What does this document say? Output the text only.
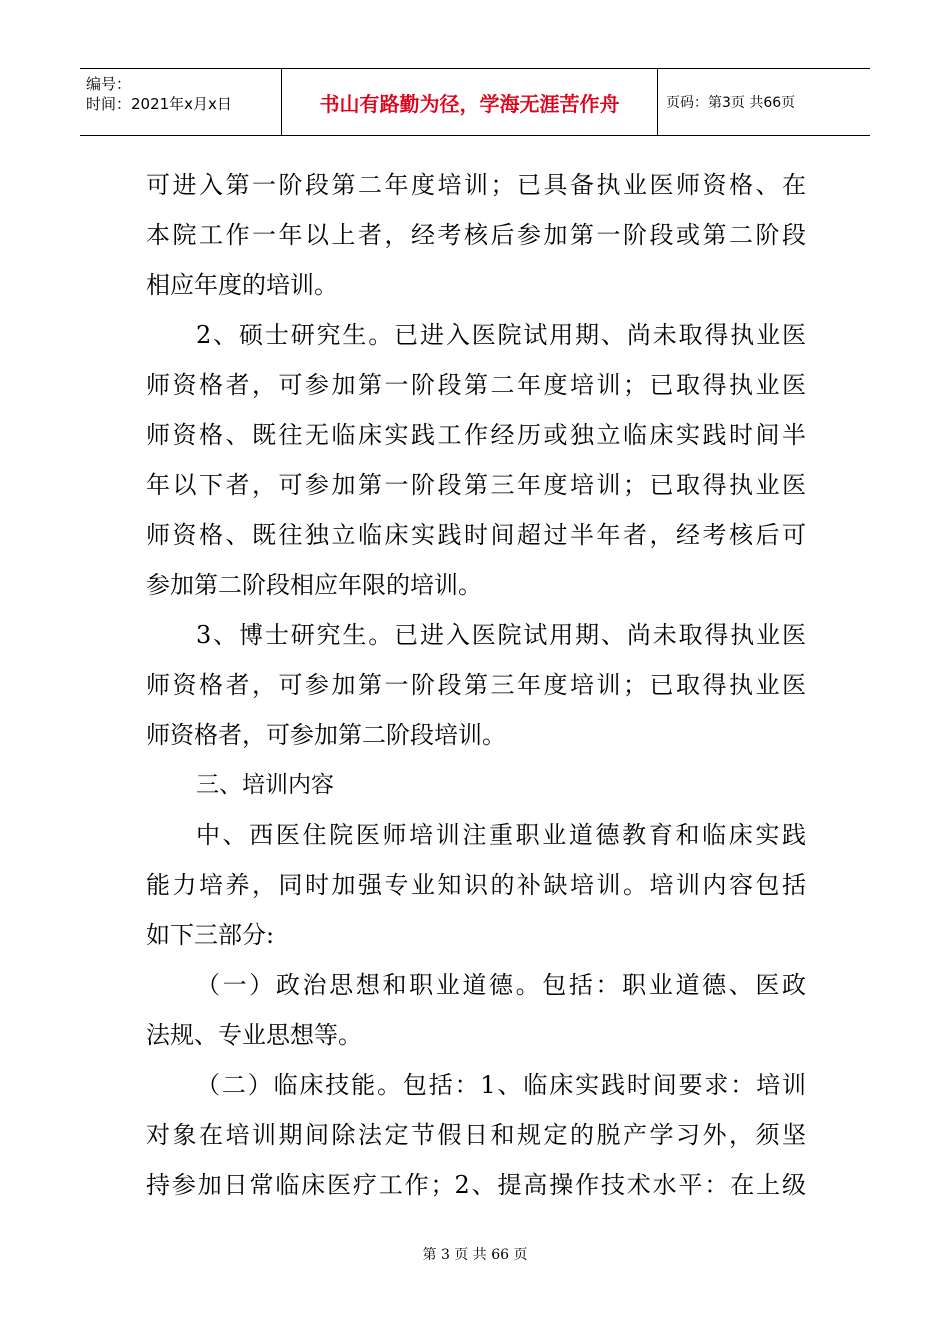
编号：
时间：2021年x月x日	书山有路勤为径，学海无涯苦作舟	页码：第3页 共66页
可进入第一阶段第二年度培训；已具备执业医师资格、在
本院工作一年以上者，经考核后参加第一阶段或第二阶段
相应年度的培训。
2、硕士研究生。已进入医院试用期、尚未取得执业医
师资格者，可参加第一阶段第二年度培训；已取得执业医
师资格、既往无临床实践工作经历或独立临床实践时间半
年以下者，可参加第一阶段第三年度培训；已取得执业医
师资格、既往独立临床实践时间超过半年者，经考核后可
参加第二阶段相应年限的培训。
3、博士研究生。已进入医院试用期、尚未取得执业医
师资格者，可参加第一阶段第三年度培训；已取得执业医
师资格者，可参加第二阶段培训。
三、培训内容
中、西医住院医师培训注重职业道德教育和临床实践
能力培养，同时加强专业知识的补缺培训。培训内容包括
如下三部分:
（一）政治思想和职业道德。包括：职业道德、医政
法规、专业思想等。
（二）临床技能。包括：1、临床实践时间要求：培训
对象在培训期间除法定节假日和规定的脱产学习外，须坚
持参加日常临床医疗工作；2、提高操作技术水平：在上级
第 3 页 共 66 页
